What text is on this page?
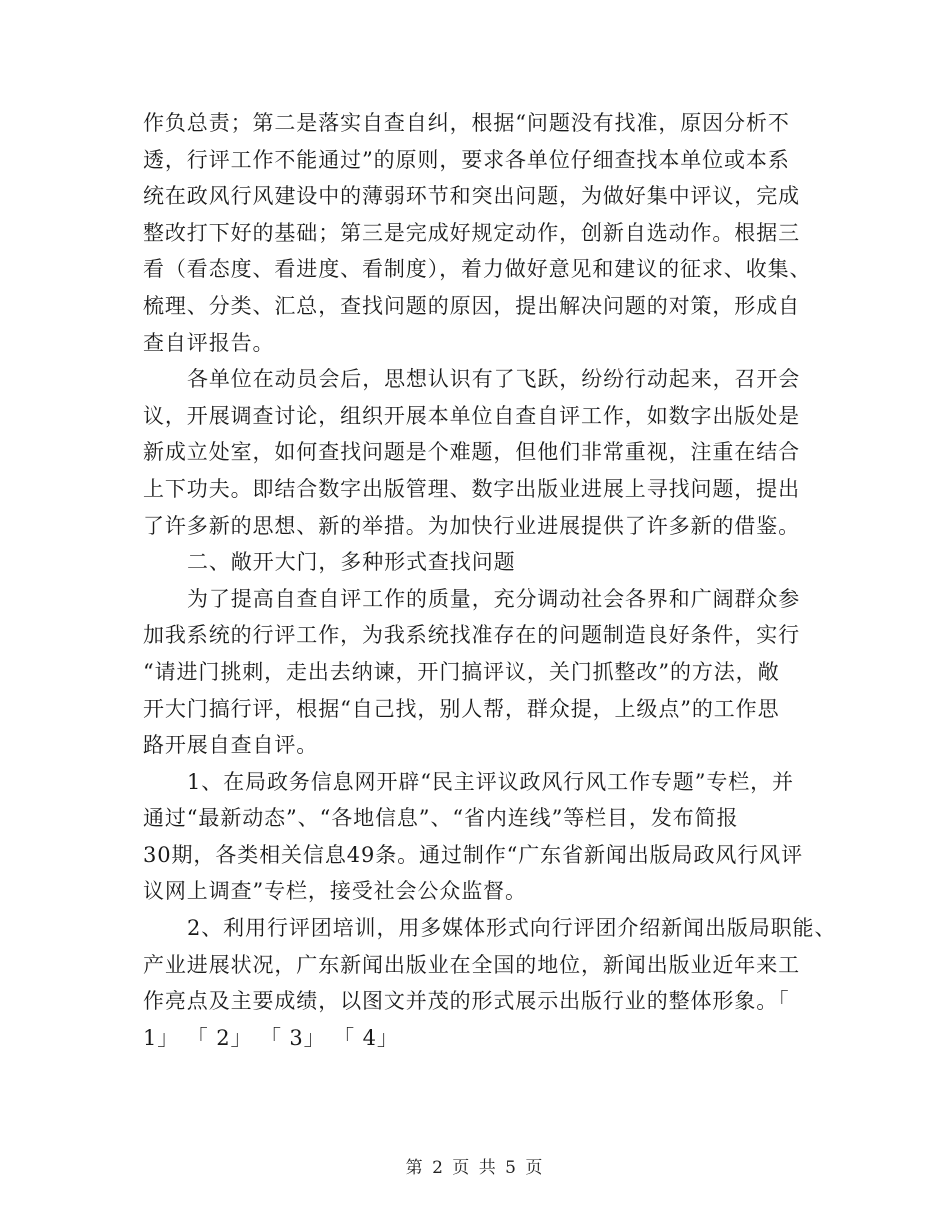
作负总责；第二是落实自查自纠，根据“问题没有找准，原因分析不
透，行评工作不能通过”的原则，要求各单位仔细查找本单位或本系
统在政风行风建设中的薄弱环节和突出问题，为做好集中评议，完成
整改打下好的基础；第三是完成好规定动作，创新自选动作。根据三
看（看态度、看进度、看制度），着力做好意见和建议的征求、收集、
梳理、分类、汇总，查找问题的原因，提出解决问题的对策，形成自
查自评报告。
各单位在动员会后，思想认识有了飞跃，纷纷行动起来，召开会
议，开展调查讨论，组织开展本单位自查自评工作，如数字出版处是
新成立处室，如何查找问题是个难题，但他们非常重视，注重在结合
上下功夫。即结合数字出版管理、数字出版业进展上寻找问题，提出
了许多新的思想、新的举措。为加快行业进展提供了许多新的借鉴。
二、敞开大门，多种形式查找问题
为了提高自查自评工作的质量，充分调动社会各界和广阔群众参
加我系统的行评工作，为我系统找准存在的问题制造良好条件，实行
“请进门挑刺，走出去纳谏，开门搞评议，关门抓整改”的方法，敞
开大门搞行评，根据“自己找，别人帮，群众提，上级点”的工作思
路开展自查自评。
1、在局政务信息网开辟“民主评议政风行风工作专题”专栏，并
通过“最新动态”、“各地信息”、“省内连线”等栏目，发布简报
30期，各类相关信息49条。通过制作“广东省新闻出版局政风行风评
议网上调查”专栏，接受社会公众监督。
2、利用行评团培训，用多媒体形式向行评团介绍新闻出版局职能、
产业进展状况，广东新闻出版业在全国的地位，新闻出版业近年来工
作亮点及主要成绩，以图文并茂的形式展示出版行业的整体形象。「
1」 「 2」 「 3」 「 4」
第 2 页 共 5 页
